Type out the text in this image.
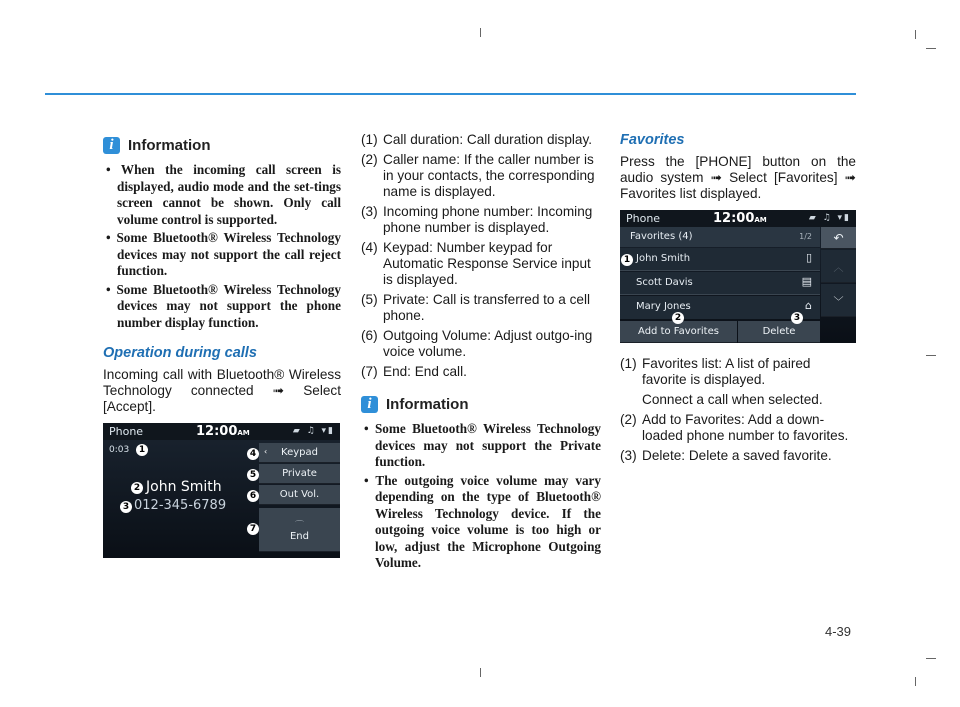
i Information
• When the incoming call screen is displayed, audio mode and the set-tings screen cannot be shown. Only call volume control is supported.
• Some Bluetooth® Wireless Technology devices may not support the call reject function.
• Some Bluetooth® Wireless Technology devices may not support the phone number display function.
Operation during calls
Incoming call with Bluetooth® Wireless Technology connected ➟ Select [Accept].
Phone	12:00AM	▰ ♫ ▾▮
0:03	1
2 John Smith
3 012-345-6789
Keypad
Private
Out Vol.
⌒
End
‹
4
5
6
7
(1) Call duration: Call duration display.
(2) Caller name: If the caller number is in your contacts, the corresponding name is displayed.
(3) Incoming phone number: Incoming phone number is displayed.
(4) Keypad: Number keypad for Automatic Response Service input is displayed.
(5) Private: Call is transferred to a cell phone.
(6) Outgoing Volume: Adjust outgo-ing voice volume.
(7) End: End call.
i Information
• Some Bluetooth® Wireless Technology devices may not support the Private function.
• The outgoing voice volume may vary depending on the type of Bluetooth® Wireless Technology device. If the outgoing voice volume is too high or low, adjust the Microphone Outgoing Volume.
Favorites
Press the [PHONE] button on the audio system ➟ Select [Favorites] ➟ Favorites list displayed.
Phone	12:00AM	▰ ♫ ▾▮
Favorites (4)	1/2
John Smith	▯
Scott Davis	▤
Mary Jones	⌂
↶
︿
﹀
Add to Favorites	Delete
1
2	3
(1) Favorites list: A list of paired favorite is displayed.
Connect a call when selected.
(2) Add to Favorites: Add a down-loaded phone number to favorites.
(3) Delete: Delete a saved favorite.
4-39
